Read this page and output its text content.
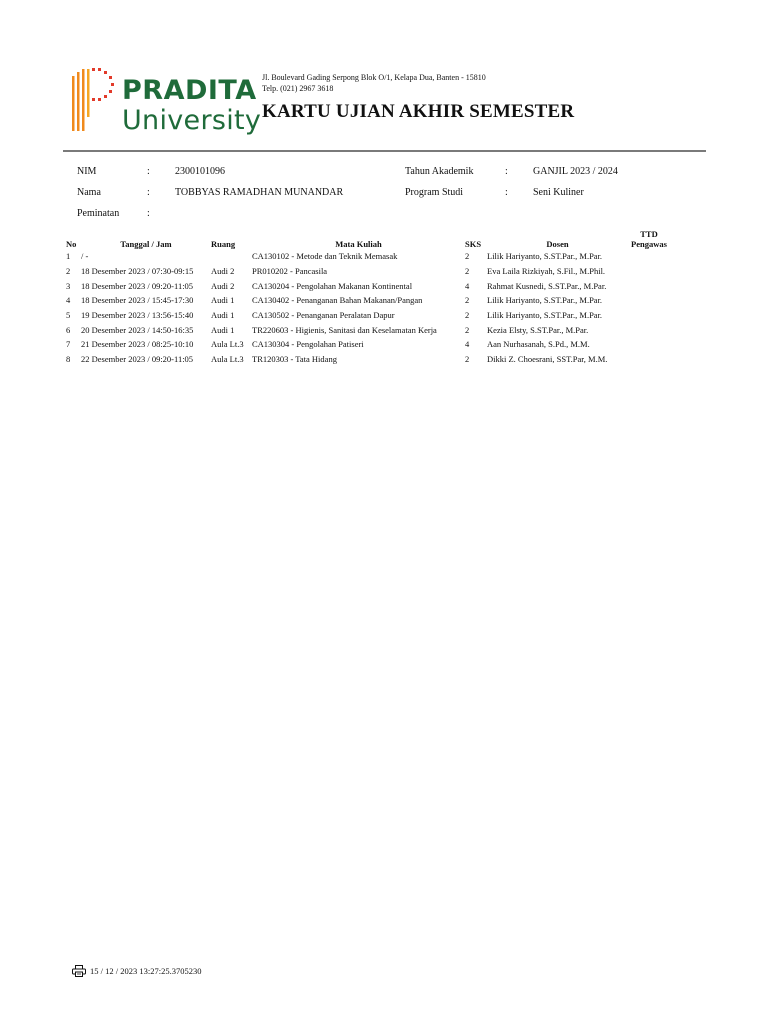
PRADITA
University
Jl. Boulevard Gading Serpong Blok O/1, Kelapa Dua, Banten - 15810
Telp. (021) 2967 3618
KARTU UJIAN AKHIR SEMESTER
NIM	:	2300101096	Tahun Akademik	:	GANJIL 2023 / 2024
Nama	:	TOBBYAS RAMADHAN MUNANDAR	Program Studi	:	Seni Kuliner
Peminatan	:
No	Tanggal / Jam	Ruang	Mata Kuliah	SKS	Dosen	TTD
Pengawas

1	/ -		CA130102 - Metode dan Teknik Memasak	2	Lilik Hariyanto, S.ST.Par., M.Par.	
2	18 Desember 2023 / 07:30-09:15	Audi 2	PR010202 - Pancasila	2	Eva Laila Rizkiyah, S.Fil., M.Phil.	
3	18 Desember 2023 / 09:20-11:05	Audi 2	CA130204 - Pengolahan Makanan Kontinental	4	Rahmat Kusnedi, S.ST.Par., M.Par.	
4	18 Desember 2023 / 15:45-17:30	Audi 1	CA130402 - Penanganan Bahan Makanan/Pangan	2	Lilik Hariyanto, S.ST.Par., M.Par.	
5	19 Desember 2023 / 13:56-15:40	Audi 1	CA130502 - Penanganan Peralatan Dapur	2	Lilik Hariyanto, S.ST.Par., M.Par.	
6	20 Desember 2023 / 14:50-16:35	Audi 1	TR220603 - Higienis, Sanitasi dan Keselamatan Kerja	2	Kezia Elsty, S.ST.Par., M.Par.	
7	21 Desember 2023 / 08:25-10:10	Aula Lt.3	CA130304 - Pengolahan Patiseri	4	Aan Nurhasanah, S.Pd., M.M.	
8	22 Desember 2023 / 09:20-11:05	Aula Lt.3	TR120303 - Tata Hidang	2	Dikki Z. Choesrani, SST.Par, M.M.	
15 / 12 / 2023 13:27:25.3705230
